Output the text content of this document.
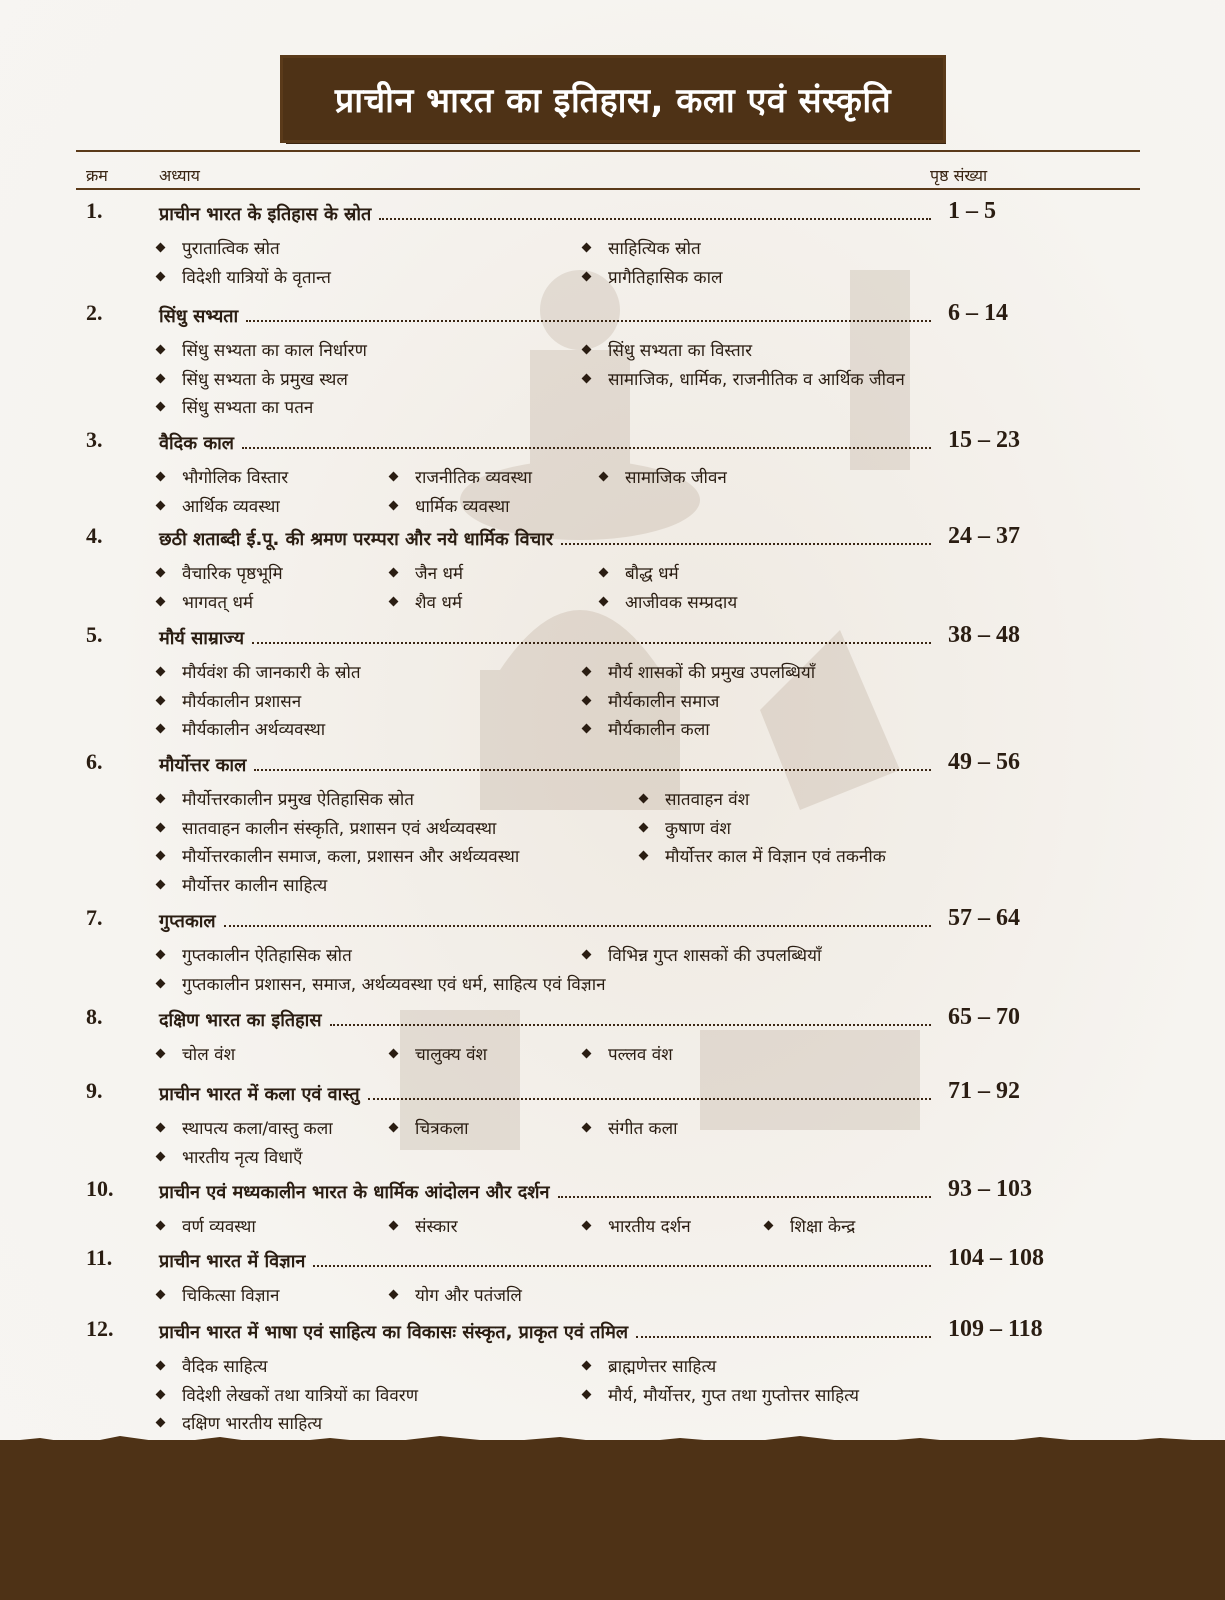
प्राचीन भारत का इतिहास, कला एवं संस्कृति
क्रम	अध्याय	पृष्ठ संख्या
1.	प्राचीन भारत के इतिहास के स्रोत	1 – 5
पुरातात्विक स्रोत	साहित्यिक स्रोत
विदेशी यात्रियों के वृतान्त	प्रागैतिहासिक काल
2.	सिंधु सभ्यता	6 – 14
सिंधु सभ्यता का काल निर्धारण	सिंधु सभ्यता का विस्तार
सिंधु सभ्यता के प्रमुख स्थल	सामाजिक, धार्मिक, राजनीतिक व आर्थिक जीवन
सिंधु सभ्यता का पतन
3.	वैदिक काल	15 – 23
भौगोलिक विस्तार	राजनीतिक व्यवस्था	सामाजिक जीवन
आर्थिक व्यवस्था	धार्मिक व्यवस्था
4.	छठी शताब्दी ई.पू. की श्रमण परम्परा और नये धार्मिक विचार	24 – 37
वैचारिक पृष्ठभूमि	जैन धर्म	बौद्ध धर्म
भागवत् धर्म	शैव धर्म	आजीवक सम्प्रदाय
5.	मौर्य साम्राज्य	38 – 48
मौर्यवंश की जानकारी के स्रोत	मौर्य शासकों की प्रमुख उपलब्धियाँ
मौर्यकालीन प्रशासन	मौर्यकालीन समाज
मौर्यकालीन अर्थव्यवस्था	मौर्यकालीन कला
6.	मौर्योत्तर काल	49 – 56
मौर्योत्तरकालीन प्रमुख ऐतिहासिक स्रोत	सातवाहन वंश
सातवाहन कालीन संस्कृति, प्रशासन एवं अर्थव्यवस्था	कुषाण वंश
मौर्योत्तरकालीन समाज, कला, प्रशासन और अर्थव्यवस्था	मौर्योत्तर काल में विज्ञान एवं तकनीक
मौर्योत्तर कालीन साहित्य
7.	गुप्तकाल	57 – 64
गुप्तकालीन ऐतिहासिक स्रोत	विभिन्न गुप्त शासकों की उपलब्धियाँ
गुप्तकालीन प्रशासन, समाज, अर्थव्यवस्था एवं धर्म, साहित्य एवं विज्ञान
8.	दक्षिण भारत का इतिहास	65 – 70
चोल वंश	चालुक्य वंश	पल्लव वंश
9.	प्राचीन भारत में कला एवं वास्तु	71 – 92
स्थापत्य कला/वास्तु कला	चित्रकला	संगीत कला
भारतीय नृत्य विधाएँ
10.	प्राचीन एवं मध्यकालीन भारत के धार्मिक आंदोलन और दर्शन	93 – 103
वर्ण व्यवस्था	संस्कार	भारतीय दर्शन	शिक्षा केन्द्र
11.	प्राचीन भारत में विज्ञान	104 – 108
चिकित्सा विज्ञान	योग और पतंजलि
12.	प्राचीन भारत में भाषा एवं साहित्य का विकासः संस्कृत, प्राकृत एवं तमिल	109 – 118
वैदिक साहित्य	ब्राह्मणेत्तर साहित्य
विदेशी लेखकों तथा यात्रियों का विवरण	मौर्य, मौर्योत्तर, गुप्त तथा गुप्तोत्तर साहित्य
दक्षिण भारतीय साहित्य
